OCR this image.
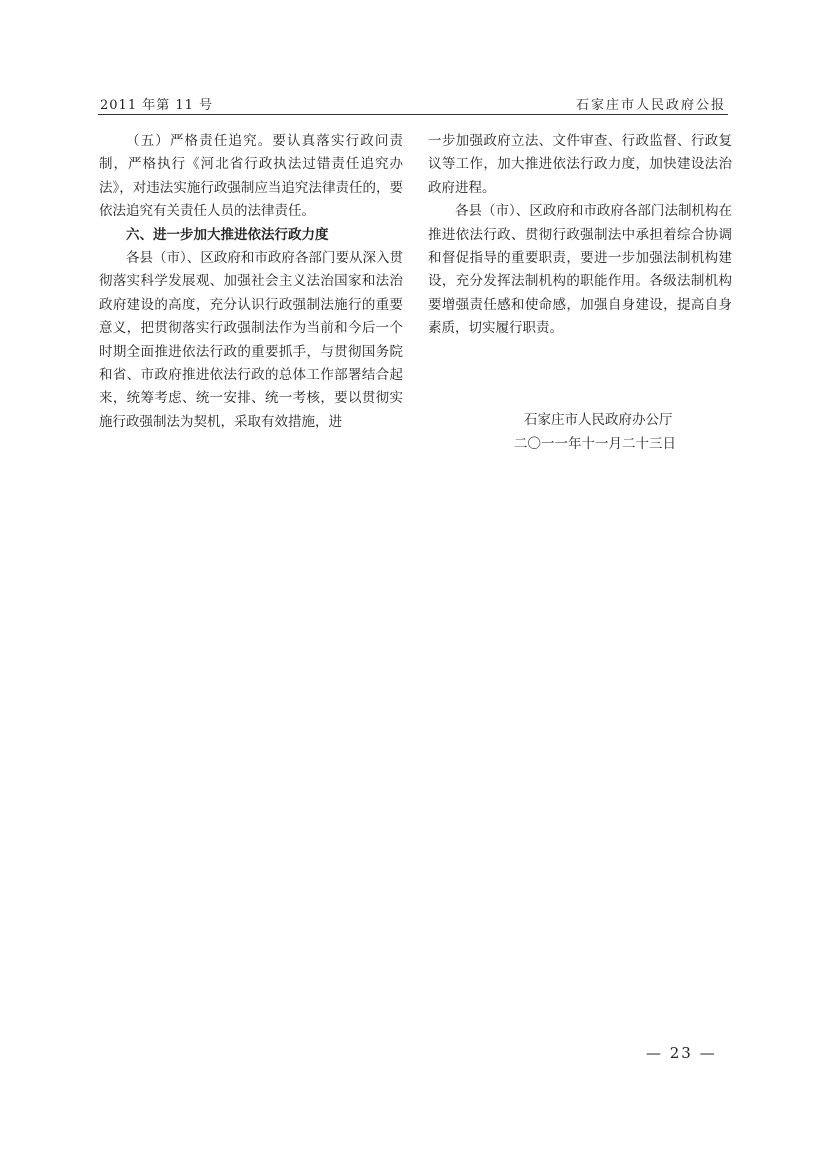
2011 年第 11 号	石家庄市人民政府公报

（五）严格责任追究。要认真落实行政问责制，严格执行《河北省行政执法过错责任追究办法》，对违法实施行政强制应当追究法律责任的，要依法追究有关责任人员的法律责任。

六、进一步加大推进依法行政力度

各县（市）、区政府和市政府各部门要从深入贯彻落实科学发展观、加强社会主义法治国家和法治政府建设的高度，充分认识行政强制法施行的重要意义，把贯彻落实行政强制法作为当前和今后一个时期全面推进依法行政的重要抓手，与贯彻国务院和省、市政府推进依法行政的总体工作部署结合起来，统筹考虑、统一安排、统一考核，要以贯彻实施行政强制法为契机，采取有效措施，进

一步加强政府立法、文件审查、行政监督、行政复议等工作，加大推进依法行政力度，加快建设法治政府进程。

各县（市）、区政府和市政府各部门法制机构在推进依法行政、贯彻行政强制法中承担着综合协调和督促指导的重要职责，要进一步加强法制机构建设，充分发挥法制机构的职能作用。各级法制机构要增强责任感和使命感，加强自身建设，提高自身素质，切实履行职责。

石家庄市人民政府办公厅
二〇一一年十一月二十三日
— 23 —
